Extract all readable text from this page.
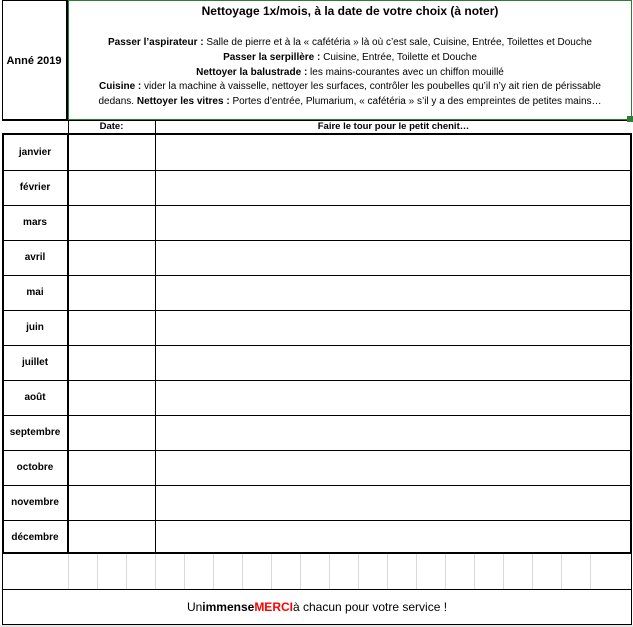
Anné 2019
Nettoyage 1x/mois, à la date de votre choix (à noter)
Passer l’aspirateur : Salle de pierre et à la « cafétéria » là où c’est sale, Cuisine, Entrée, Toilettes et Douche
Passer la serpillère : Cuisine, Entrée, Toilette et Douche
Nettoyer la balustrade : les mains-courantes avec un chiffon mouillé
Cuisine : vider la machine à vaisselle, nettoyer les surfaces, contrôler les poubelles qu’il n’y ait rien de périssable
dedans. Nettoyer les vitres : Portes d’entrée, Plumarium, « cafétéria » s’il y a des empreintes de petites mains…
Date:	Faire le tour pour le petit chenit…
janvier
février
mars
avril
mai
juin
juillet
août
septembre
octobre
novembre
décembre
Un immense MERCI à chacun pour votre service !
